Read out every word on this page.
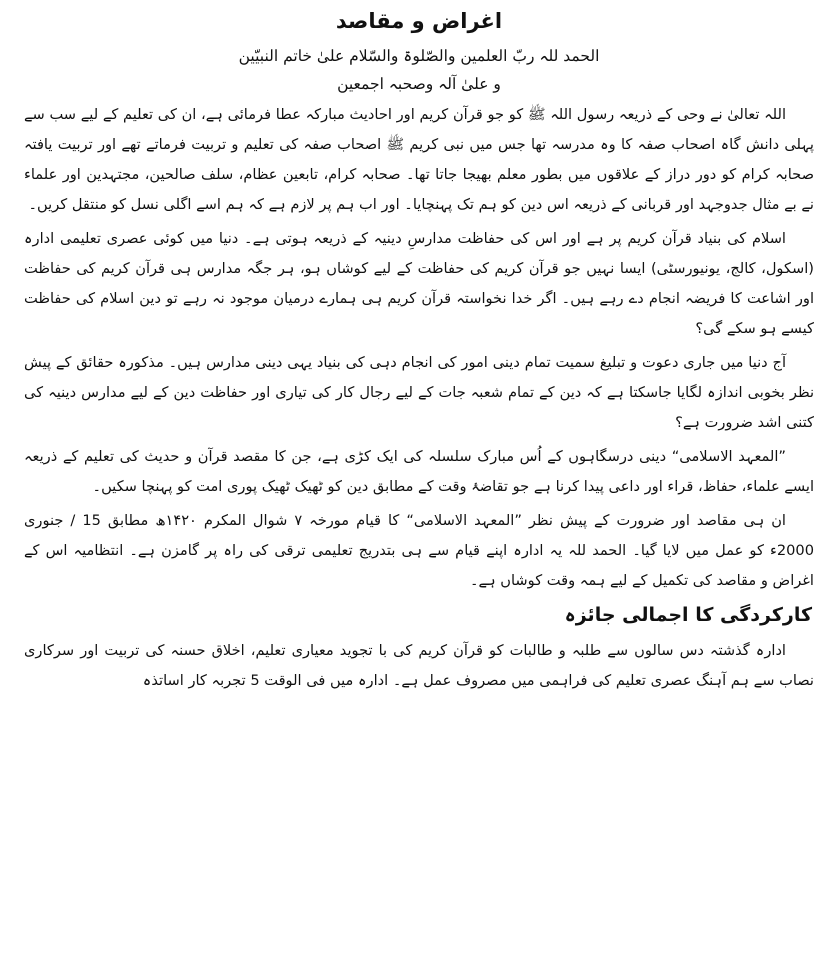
اغراض و مقاصد

الحمد للہ ربّ العلمین والصّلوۃ والسّلام علیٰ خاتم النبیّین

و علیٰ آلہ وصحبہ اجمعین

اللہ تعالیٰ نے وحی کے ذریعہ رسول اللہ ﷺ کو جو قرآن کریم اور احادیث مبارکہ عطا فرمائی ہے، ان کی تعلیم کے لیے سب سے پہلی دانش گاہ اصحاب صفہ کا وہ مدرسہ تھا جس میں نبی کریم ﷺ اصحاب صفہ کی تعلیم و تربیت فرماتے تھے اور تربیت یافتہ صحابہ کرام کو دور دراز کے علاقوں میں بطور معلم بھیجا جاتا تھا۔ صحابہ کرام، تابعین عظام، سلف صالحین، مجتہدین اور علماء نے بے مثال جدوجہد اور قربانی کے ذریعہ اس دین کو ہم تک پہنچایا۔ اور اب ہم پر لازم ہے کہ ہم اسے اگلی نسل کو منتقل کریں۔

اسلام کی بنیاد قرآن کریم پر ہے اور اس کی حفاظت مدارسِ دینیہ کے ذریعہ ہوتی ہے۔ دنیا میں کوئی عصری تعلیمی ادارہ (اسکول، کالج، یونیورسٹی) ایسا نہیں جو قرآن کریم کی حفاظت کے لیے کوشاں ہو، ہر جگہ مدارس ہی قرآن کریم کی حفاظت اور اشاعت کا فریضہ انجام دے رہے ہیں۔ اگر خدا نخواستہ قرآن کریم ہی ہمارے درمیان موجود نہ رہے تو دین اسلام کی حفاظت کیسے ہو سکے گی؟

آج دنیا میں جاری دعوت و تبلیغ سمیت تمام دینی امور کی انجام دہی کی بنیاد یہی دینی مدارس ہیں۔ مذکورہ حقائق کے پیش نظر بخوبی اندازہ لگایا جاسکتا ہے کہ دین کے تمام شعبہ جات کے لیے رجال کار کی تیاری اور حفاظت دین کے لیے مدارس دینیہ کی کتنی اشد ضرورت ہے؟

”المعہد الاسلامی“ دینی درسگاہوں کے اُس مبارک سلسلہ کی ایک کڑی ہے، جن کا مقصد قرآن و حدیث کی تعلیم کے ذریعہ ایسے علماء، حفاظ، قراء اور داعی پیدا کرنا ہے جو تقاضۂ وقت کے مطابق دین کو ٹھیک ٹھیک پوری امت کو پہنچا سکیں۔

ان ہی مقاصد اور ضرورت کے پیش نظر ”المعہد الاسلامی“ کا قیام مورخہ ۷ شوال المکرم ۱۴۲۰ھ مطابق 15 / جنوری 2000ء کو عمل میں لایا گیا۔ الحمد للہ یہ ادارہ اپنے قیام سے ہی بتدریج تعلیمی ترقی کی راہ پر گامزن ہے۔ انتظامیہ اس کے اغراض و مقاصد کی تکمیل کے لیے ہمہ وقت کوشاں ہے۔

کارکردگی کا اجمالی جائزہ

ادارہ گذشتہ دس سالوں سے طلبہ و طالبات کو قرآن کریم کی با تجوید معیاری تعلیم، اخلاق حسنہ کی تربیت اور سرکاری نصاب سے ہم آہنگ عصری تعلیم کی فراہمی میں مصروف عمل ہے۔ ادارہ میں فی الوقت 5 تجربہ کار اساتذہ
